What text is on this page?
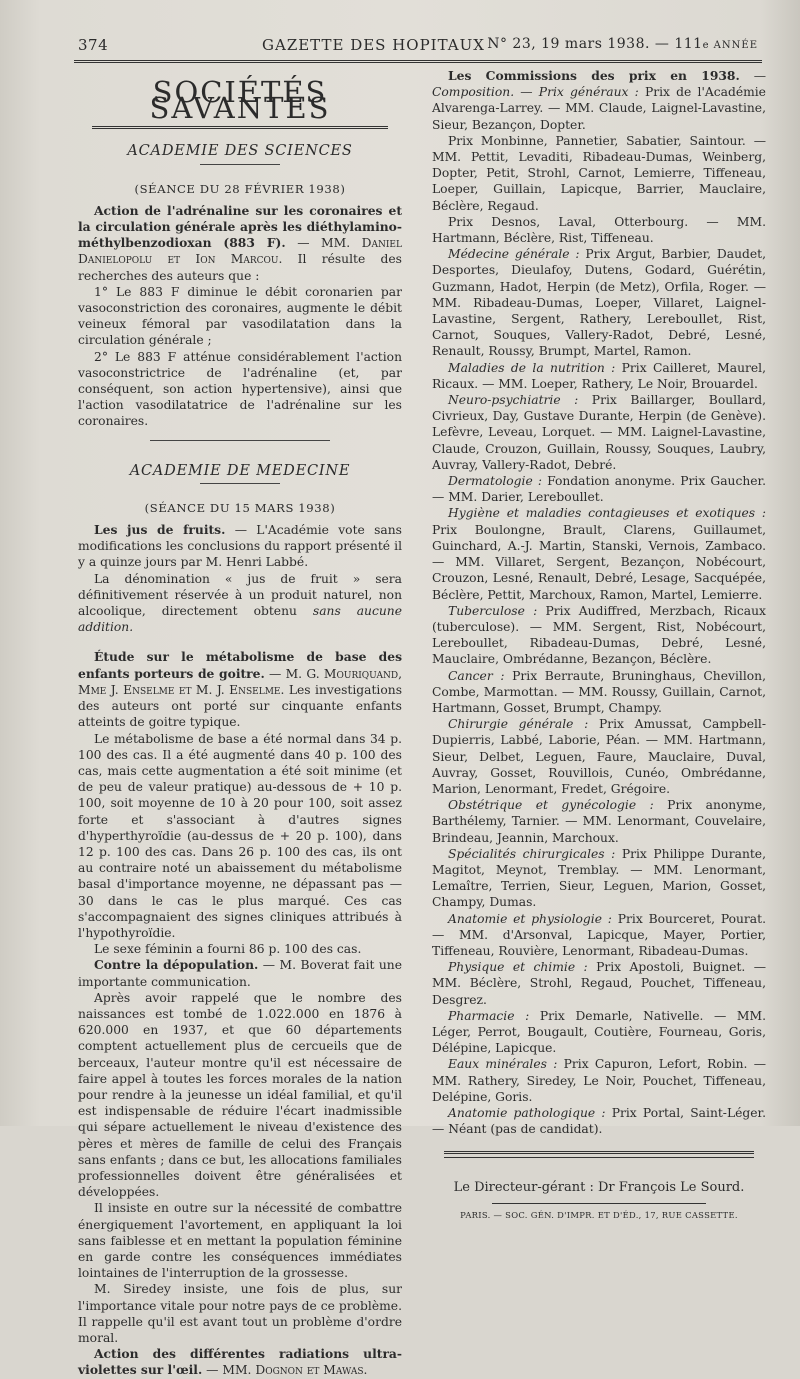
374	GAZETTE DES HOPITAUX N° 23, 19 mars 1938. — 111e ANNÉE
SOCIÉTÉS SAVANTES
ACADEMIE DES SCIENCES
(SÉANCE DU 28 FÉVRIER 1938)

Action de l'adrénaline sur les coronaires et la circulation générale après les diéthylamino-méthylbenzodioxan (883 F). — MM. Daniel Danielopolu et Ion Marcou. Il résulte des recherches des auteurs que :

1° Le 883 F diminue le débit coronarien par vasoconstriction des coronaires, augmente le débit veineux fémoral par vasodilatation dans la circulation générale ;

2° Le 883 F atténue considérablement l'action vasoconstrictrice de l'adrénaline (et, par conséquent, son action hypertensive), ainsi que l'action vasodilatatrice de l'adrénaline sur les coronaires.

ACADEMIE DE MEDECINE
(SÉANCE DU 15 MARS 1938)

Les jus de fruits. — L'Académie vote sans modifications les conclusions du rapport présenté il y a quinze jours par M. Henri Labbé.

La dénomination « jus de fruit » sera définitivement réservée à un produit naturel, non alcoolique, directement obtenu sans aucune addition.

Étude sur le métabolisme de base des enfants porteurs de goitre. — M. G. Mouriquand, Mme J. Enselme et M. J. Enselme. Les investigations des auteurs ont porté sur cinquante enfants atteints de goitre typique.

Le métabolisme de base a été normal dans 34 p. 100 des cas. Il a été augmenté dans 40 p. 100 des cas, mais cette augmentation a été soit minime (et de peu de valeur pratique) au-dessous de + 10 p. 100, soit moyenne de 10 à 20 pour 100, soit assez forte et s'associant à d'autres signes d'hyperthyroïdie (au-dessus de + 20 p. 100), dans 12 p. 100 des cas. Dans 26 p. 100 des cas, ils ont au contraire noté un abaissement du métabolisme basal d'importance moyenne, ne dépassant pas — 30 dans le cas le plus marqué. Ces cas s'accompagnaient des signes cliniques attribués à l'hypothyroïdie.

Le sexe féminin a fourni 86 p. 100 des cas.

Contre la dépopulation. — M. Boverat fait une importante communication.

Après avoir rappelé que le nombre des naissances est tombé de 1.022.000 en 1876 à 620.000 en 1937, et que 60 départements comptent actuellement plus de cercueils que de berceaux, l'auteur montre qu'il est nécessaire de faire appel à toutes les forces morales de la nation pour rendre à la jeunesse un idéal familial, et qu'il est indispensable de réduire l'écart inadmissible qui sépare actuellement le niveau d'existence des pères et mères de famille de celui des Français sans enfants ; dans ce but, les allocations familiales professionnelles doivent être généralisées et développées.

Il insiste en outre sur la nécessité de combattre énergiquement l'avortement, en appliquant la loi sans faiblesse et en mettant la population féminine en garde contre les conséquences immédiates lointaines de l'interruption de la grossesse.

M. Siredey insiste, une fois de plus, sur l'importance vitale pour notre pays de ce problème. Il rappelle qu'il est avant tout un problème d'ordre moral.

Action des différentes radiations ultra-violettes sur l'œil. — MM. Dognon et Mawas.

Les Commissions des prix en 1938. — Composition. — Prix généraux : Prix de l'Académie Alvarenga-Larrey. — MM. Claude, Laignel-Lavastine, Sieur, Bezançon, Dopter.

Prix Monbinne, Pannetier, Sabatier, Saintour. — MM. Pettit, Levaditi, Ribadeau-Dumas, Weinberg, Dopter, Petit, Strohl, Carnot, Lemierre, Tiffeneau, Loeper, Guillain, Lapicque, Barrier, Mauclaire, Béclère, Regaud.

Prix Desnos, Laval, Otterbourg. — MM. Hartmann, Béclère, Rist, Tiffeneau.

Médecine générale : Prix Argut, Barbier, Daudet, Desportes, Dieulafoy, Dutens, Godard, Guérétin, Guzmann, Hadot, Herpin (de Metz), Orfila, Roger. — MM. Ribadeau-Dumas, Loeper, Villaret, Laignel-Lavastine, Sergent, Rathery, Lereboullet, Rist, Carnot, Souques, Vallery-Radot, Debré, Lesné, Renault, Roussy, Brumpt, Martel, Ramon.

Maladies de la nutrition : Prix Cailleret, Maurel, Ricaux. — MM. Loeper, Rathery, Le Noir, Brouardel.

Neuro-psychiatrie : Prix Baillarger, Boullard, Civrieux, Day, Gustave Durante, Herpin (de Genève). Lefèvre, Leveau, Lorquet. — MM. Laignel-Lavastine, Claude, Crouzon, Guillain, Roussy, Souques, Laubry, Auvray, Vallery-Radot, Debré.

Dermatologie : Fondation anonyme. Prix Gaucher. — MM. Darier, Lereboullet.

Hygiène et maladies contagieuses et exotiques : Prix Boulongne, Brault, Clarens, Guillaumet, Guinchard, A.-J. Martin, Stanski, Vernois, Zambaco. — MM. Villaret, Sergent, Bezançon, Nobécourt, Crouzon, Lesné, Renault, Debré, Lesage, Sacquépée, Béclère, Pettit, Marchoux, Ramon, Martel, Lemierre.

Tuberculose : Prix Audiffred, Merzbach, Ricaux (tuberculose). — MM. Sergent, Rist, Nobécourt, Lereboullet, Ribadeau-Dumas, Debré, Lesné, Mauclaire, Ombrédanne, Bezançon, Béclère.

Cancer : Prix Berraute, Bruninghaus, Chevillon, Combe, Marmottan. — MM. Roussy, Guillain, Carnot, Hartmann, Gosset, Brumpt, Champy.

Chirurgie générale : Prix Amussat, Campbell-Dupierris, Labbé, Laborie, Péan. — MM. Hartmann, Sieur, Delbet, Leguen, Faure, Mauclaire, Duval, Auvray, Gosset, Rouvillois, Cunéo, Ombrédanne, Marion, Lenormant, Fredet, Grégoire.

Obstétrique et gynécologie : Prix anonyme, Barthélemy, Tarnier. — MM. Lenormant, Couvelaire, Brindeau, Jeannin, Marchoux.

Spécialités chirurgicales : Prix Philippe Durante, Magitot, Meynot, Tremblay. — MM. Lenormant, Lemaître, Terrien, Sieur, Leguen, Marion, Gosset, Champy, Dumas.

Anatomie et physiologie : Prix Bourceret, Pourat. — MM. d'Arsonval, Lapicque, Mayer, Portier, Tiffeneau, Rouvière, Lenormant, Ribadeau-Dumas.

Physique et chimie : Prix Apostoli, Buignet. — MM. Béclère, Strohl, Regaud, Pouchet, Tiffeneau, Desgrez.

Pharmacie : Prix Demarle, Nativelle. — MM. Léger, Perrot, Bougault, Coutière, Fourneau, Goris, Délépine, Lapicque.

Eaux minérales : Prix Capuron, Lefort, Robin. — MM. Rathery, Siredey, Le Noir, Pouchet, Tiffeneau, Delépine, Goris.

Anatomie pathologique : Prix Portal, Saint-Léger. — Néant (pas de candidat).

Le Directeur-gérant : Dr François Le Sourd.
PARIS. — SOC. GÉN. D'IMPR. ET D'ÉD., 17, RUE CASSETTE.
